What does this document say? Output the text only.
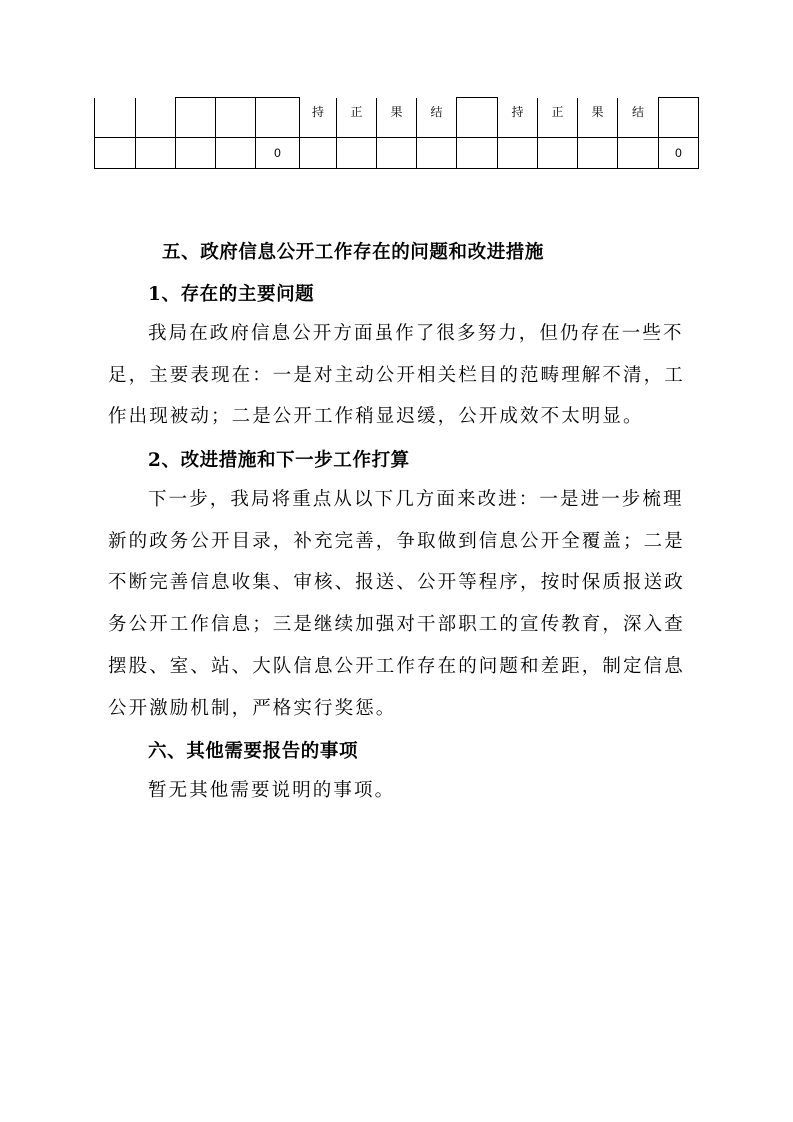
					持	正	果	结		持	正	果	结	
				0										0
五、政府信息公开工作存在的问题和改进措施
1、存在的主要问题
我局在政府信息公开方面虽作了很多努力，但仍存在一些不
足，主要表现在：一是对主动公开相关栏目的范畴理解不清，工
作出现被动；二是公开工作稍显迟缓，公开成效不太明显。
2、改进措施和下一步工作打算
下一步，我局将重点从以下几方面来改进：一是进一步梳理
新的政务公开目录，补充完善，争取做到信息公开全覆盖；二是
不断完善信息收集、审核、报送、公开等程序，按时保质报送政
务公开工作信息；三是继续加强对干部职工的宣传教育，深入查
摆股、室、站、大队信息公开工作存在的问题和差距，制定信息
公开激励机制，严格实行奖惩。
六、其他需要报告的事项
暂无其他需要说明的事项。
